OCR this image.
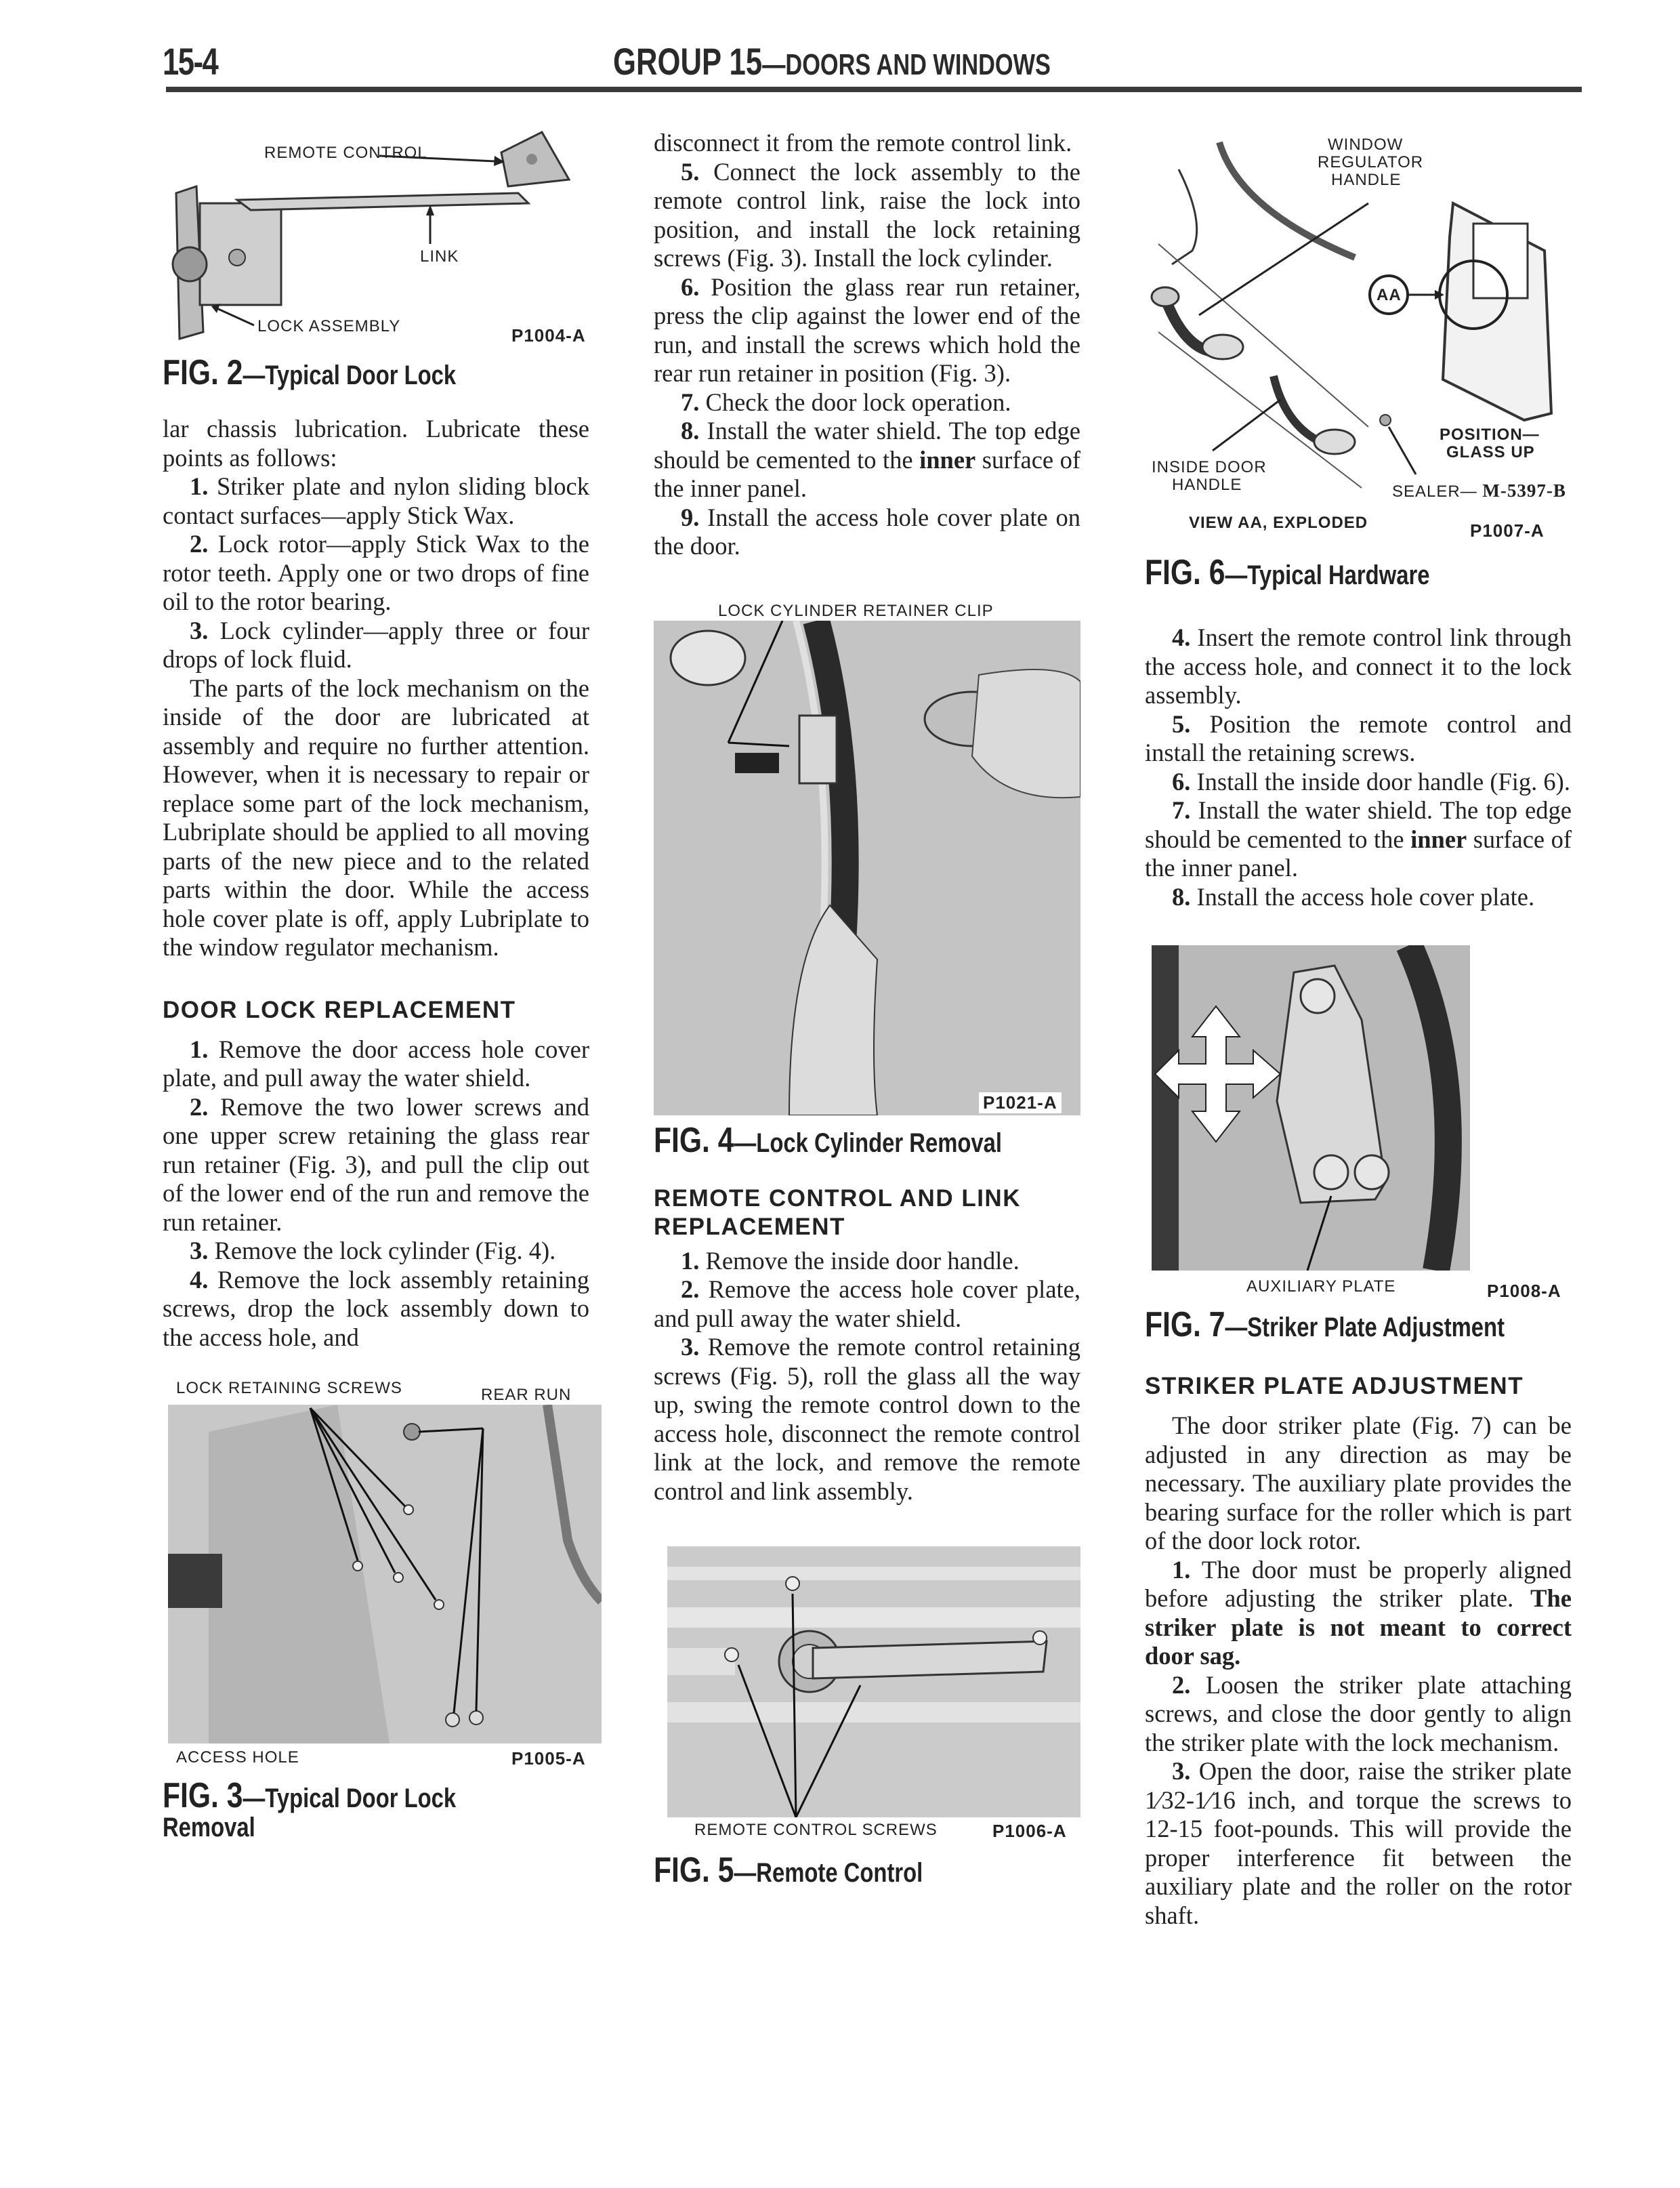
15-4	GROUP 15—DOORS AND WINDOWS
REMOTE CONTROL
LINK
LOCK ASSEMBLY	P1004-A
FIG. 2—Typical Door Lock

lar chassis lubrication. Lubricate these points as follows:

1. Striker plate and nylon sliding block contact surfaces—apply Stick Wax.

2. Lock rotor—apply Stick Wax to the rotor teeth. Apply one or two drops of fine oil to the rotor bearing.

3. Lock cylinder—apply three or four drops of lock fluid.

The parts of the lock mechanism on the inside of the door are lubricated at assembly and require no further attention. However, when it is necessary to repair or replace some part of the lock mechanism, Lubriplate should be applied to all moving parts of the new piece and to the related parts within the door. While the access hole cover plate is off, apply Lubriplate to the window regulator mechanism.

DOOR LOCK REPLACEMENT

1. Remove the door access hole cover plate, and pull away the water shield.

2. Remove the two lower screws and one upper screw retaining the glass rear run retainer (Fig. 3), and pull the clip out of the lower end of the run and remove the run retainer.

3. Remove the lock cylinder (Fig. 4).

4. Remove the lock assembly retaining screws, drop the lock assembly down to the access hole, and

LOCK RETAINING SCREWS	REAR RUN
ACCESS HOLE	P1005-A
FIG. 3—Typical Door Lock
Removal

disconnect it from the remote control link.

5. Connect the lock assembly to the remote control link, raise the lock into position, and install the lock retaining screws (Fig. 3). Install the lock cylinder.

6. Position the glass rear run retainer, press the clip against the lower end of the run, and install the screws which hold the rear run retainer in position (Fig. 3).

7. Check the door lock operation.

8. Install the water shield. The top edge should be cemented to the inner surface of the inner panel.

9. Install the access hole cover plate on the door.

LOCK CYLINDER RETAINER CLIP
P1021-A
FIG. 4—Lock Cylinder Removal
REMOTE CONTROL AND LINK REPLACEMENT

1. Remove the inside door handle.

2. Remove the access hole cover plate, and pull away the water shield.

3. Remove the remote control retaining screws (Fig. 5), roll the glass all the way up, swing the remote control down to the access hole, disconnect the remote control link at the lock, and remove the remote control and link assembly.

REMOTE CONTROL SCREWS	P1006-A
FIG. 5—Remote Control
WINDOW
REGULATOR
HANDLE
AA
POSITION—
GLASS UP
INSIDE DOOR
HANDLE	SEALER— M-5397-B
VIEW AA, EXPLODED	P1007-A
FIG. 6—Typical Hardware

4. Insert the remote control link through the access hole, and connect it to the lock assembly.

5. Position the remote control and install the retaining screws.

6. Install the inside door handle (Fig. 6).

7. Install the water shield. The top edge should be cemented to the inner surface of the inner panel.

8. Install the access hole cover plate.

AUXILIARY PLATE	P1008-A
FIG. 7—Striker Plate Adjustment
STRIKER PLATE ADJUSTMENT

The door striker plate (Fig. 7) can be adjusted in any direction as may be necessary. The auxiliary plate provides the bearing surface for the roller which is part of the door lock rotor.

1. The door must be properly aligned before adjusting the striker plate. The striker plate is not meant to correct door sag.

2. Loosen the striker plate attaching screws, and close the door gently to align the striker plate with the lock mechanism.

3. Open the door, raise the striker plate 1⁄32-1⁄16 inch, and torque the screws to 12-15 foot-pounds. This will provide the proper interference fit between the auxiliary plate and the roller on the rotor shaft.
